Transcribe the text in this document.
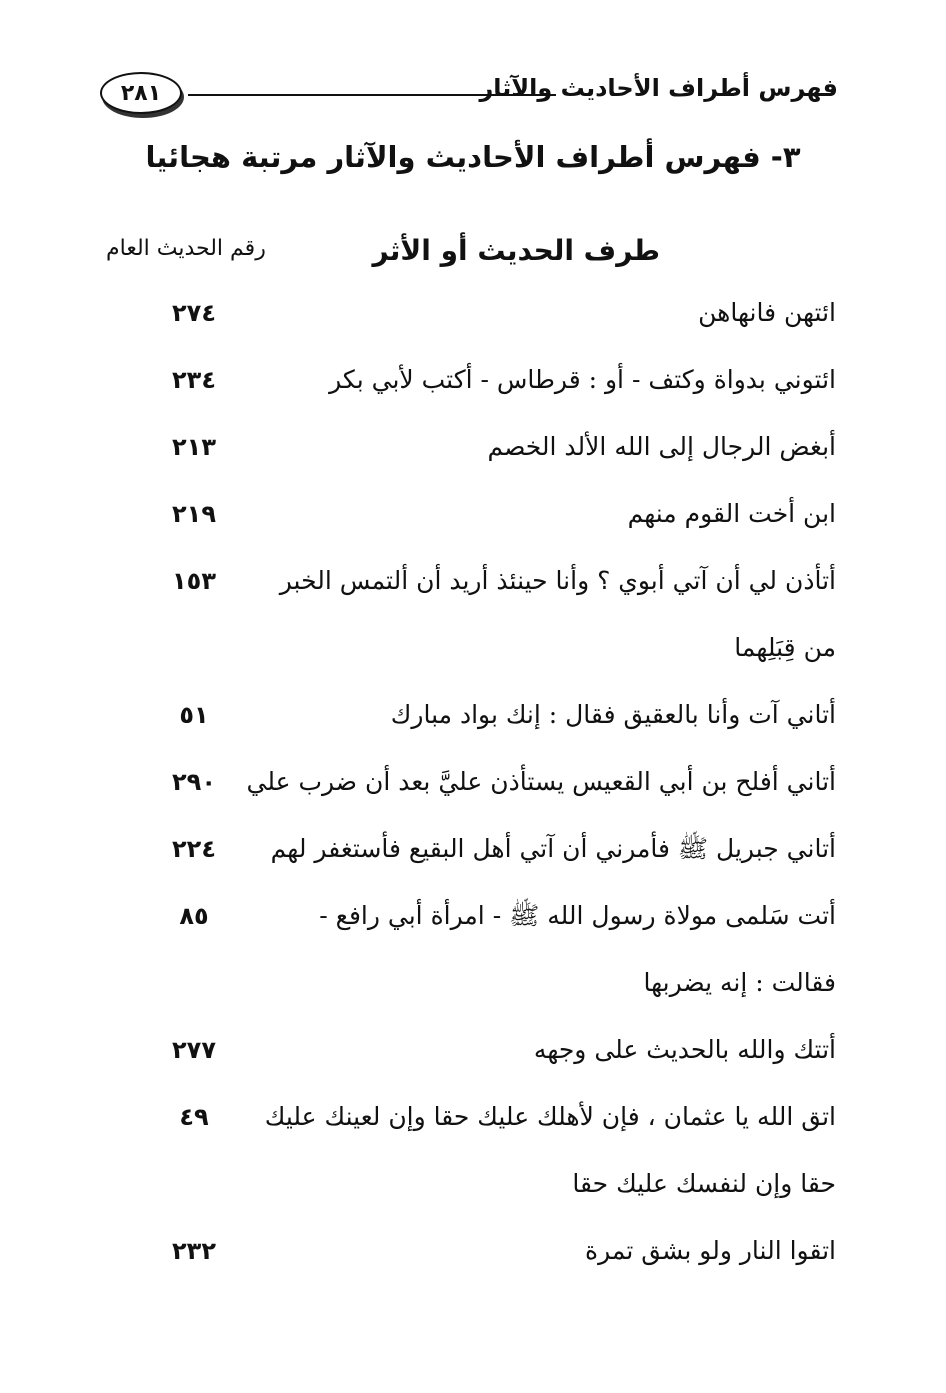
فهرس أطراف الأحاديث والآثار
٢٨١
٣- فهرس أطراف الأحاديث والآثار مرتبة هجائيا
طرف الحديث أو الأثر
رقم الحديث العام
ائتهن فانهاهن
٢٧٤
ائتوني بدواة وكتف - أو : قرطاس - أكتب لأبي بكر
٢٣٤
أبغض الرجال إلى الله الألد الخصم
٢١٣
ابن أخت القوم منهم
٢١٩
أتأذن لي أن آتي أبوي ؟ وأنا حينئذ أريد أن ألتمس الخبر
من قِبَلِهما
١٥٣
أتاني آت وأنا بالعقيق فقال : إنك بواد مبارك
٥١
أتاني أفلح بن أبي القعيس يستأذن عليَّ بعد أن ضرب علي
٢٩٠
أتاني جبريل ﷺ فأمرني أن آتي أهل البقيع فأستغفر لهم
٢٢٤
أتت سَلمى مولاة رسول الله ﷺ - امرأة أبي رافع -
فقالت : إنه يضربها
٨٥
أتتك والله بالحديث على وجهه
٢٧٧
اتق الله يا عثمان ، فإن لأهلك عليك حقا وإن لعينك عليك
حقا وإن لنفسك عليك حقا
٤٩
اتقوا النار ولو بشق تمرة
٢٣٢
